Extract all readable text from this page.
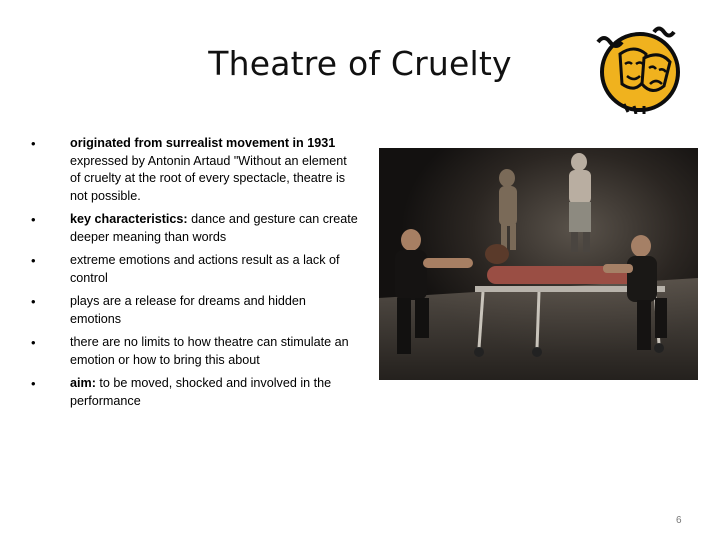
Theatre of Cruelty
•	originated from surrealist movement in 1931 expressed by Antonin Artaud "Without an element of cruelty at the root of every spectacle, theatre is not possible.
•	key characteristics: dance and gesture can create deeper meaning than words
•	extreme emotions and actions result as a lack of control
•	plays are a release for dreams and hidden emotions
•	there are no limits to how theatre can stimulate an emotion or how to bring this about
•	aim: to be moved, shocked and involved in the performance
6
